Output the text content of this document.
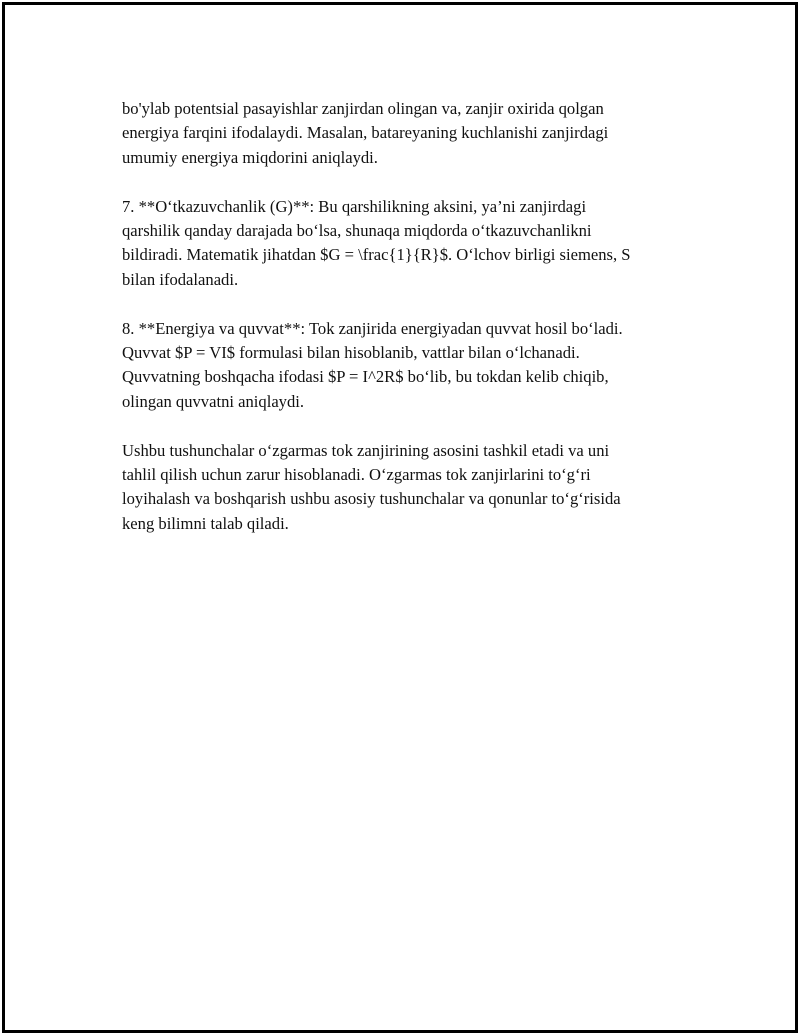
bo'ylab potentsial pasayishlar zanjirdan olingan va, zanjir oxirida qolgan
energiya farqini ifodalaydi. Masalan, batareyaning kuchlanishi zanjirdagi
umumiy energiya miqdorini aniqlaydi.

7. **O‘tkazuvchanlik (G)**: Bu qarshilikning aksini, ya’ni zanjirdagi
qarshilik qanday darajada bo‘lsa, shunaqa miqdorda o‘tkazuvchanlikni
bildiradi. Matematik jihatdan $G = \frac{1}{R}$. O‘lchov birligi siemens, S
bilan ifodalanadi.

8. **Energiya va quvvat**: Tok zanjirida energiyadan quvvat hosil bo‘ladi.
Quvvat $P = VI$ formulasi bilan hisoblanib, vattlar bilan o‘lchanadi.
Quvvatning boshqacha ifodasi $P = I^2R$ bo‘lib, bu tokdan kelib chiqib,
olingan quvvatni aniqlaydi.

Ushbu tushunchalar o‘zgarmas tok zanjirining asosini tashkil etadi va uni
tahlil qilish uchun zarur hisoblanadi. O‘zgarmas tok zanjirlarini to‘g‘ri
loyihalash va boshqarish ushbu asosiy tushunchalar va qonunlar to‘g‘risida
keng bilimni talab qiladi.
